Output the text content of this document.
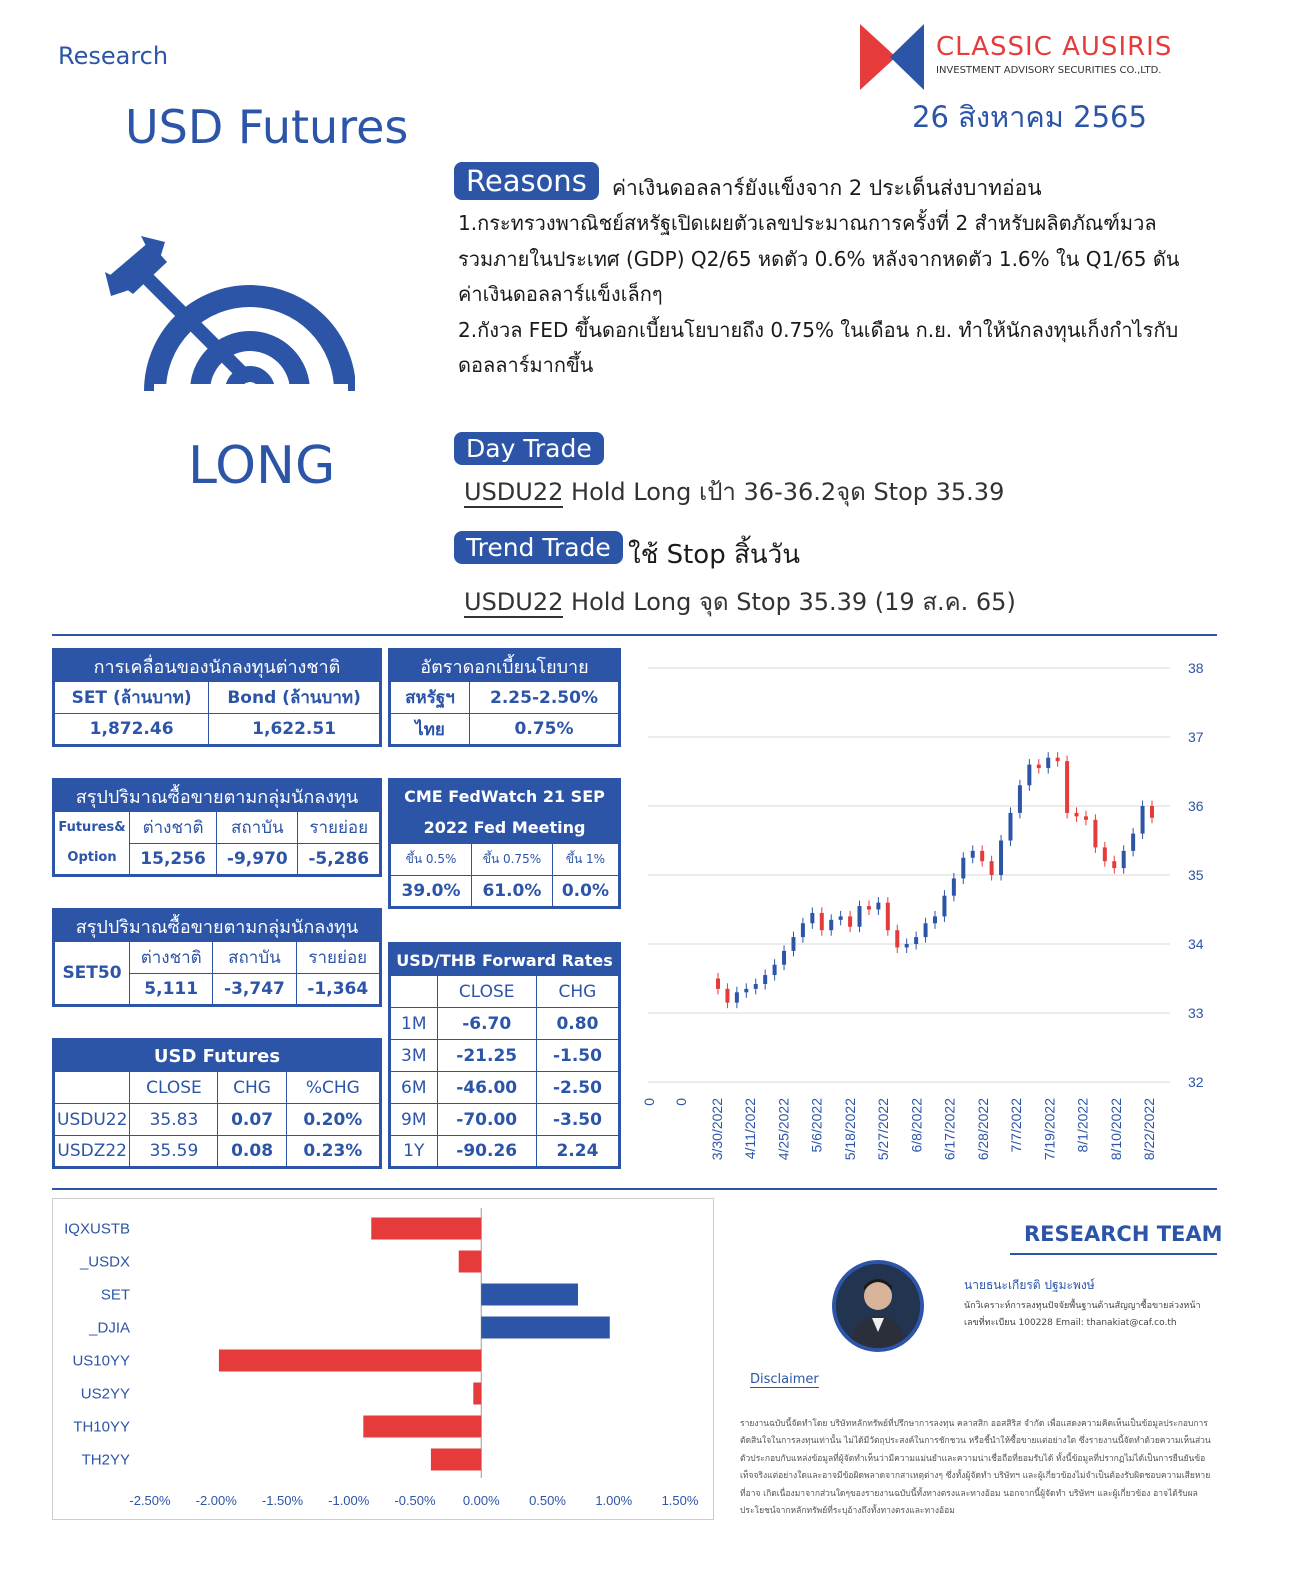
Research
USD Futures
CLASSIC AUSIRIS
INVESTMENT ADVISORY SECURITIES CO.,LTD.
26 สิงหาคม 2565
LONG
Reasons	ค่าเงินดอลลาร์ยังแข็งจาก 2 ประเด็นส่งบาทอ่อน
1.กระทรวงพาณิชย์สหรัฐเปิดเผยตัวเลขประมาณการครั้งที่ 2 สำหรับผลิตภัณฑ์มวล
รวมภายในประเทศ (GDP) Q2/65 หดตัว 0.6% หลังจากหดตัว 1.6% ใน Q1/65 ดัน
ค่าเงินดอลลาร์แข็งเล็กๆ
2.กังวล FED ขึ้นดอกเบี้ยนโยบายถึง 0.75% ในเดือน ก.ย. ทำให้นักลงทุนเก็งกำไรกับ
ดอลลาร์มากขึ้น
Day Trade
USDU22 Hold Long เป้า 36-36.2จุด Stop 35.39
Trend Trade ใช้ Stop สิ้นวัน
USDU22 Hold Long จุด Stop 35.39 (19 ส.ค. 65)
การเคลื่อนของนักลงทุนต่างชาติ	
SET (ล้านบาท)	Bond (ล้านบาท)
1,872.46	1,622.51
อัตราดอกเบี้ยนโยบาย	
สหรัฐฯ	2.25-2.50%
ไทย	0.75%
สรุปปริมาณซื้อขายตามกลุ่มนักลงทุน			

Futures&
Option	ต่างชาติ	สถาบัน	รายย่อย
	15,256	-9,970	-5,286
CME FedWatch 21 SEP		
2022 Fed Meeting		
ขึ้น 0.5%	ขึ้น 0.75%	ขึ้น 1%
39.0%	61.0%	0.0%
สรุปปริมาณซื้อขายตามกลุ่มนักลงทุน			
SET50	ต่างชาติ	สถาบัน	รายย่อย
	5,111	-3,747	-1,364
USD/THB Forward Rates		
	CLOSE	CHG
1M	-6.70	0.80
3M	-21.25	-1.50
6M	-46.00	-2.50
9M	-70.00	-3.50
1Y	-90.26	2.24
USD Futures			
	CLOSE	CHG	%CHG
USDU22	35.83	0.07	0.20%
USDZ22	35.59	0.08	0.23%
32
33
34
35
36
37
38
0 0 3/30/2022 4/11/2022 4/25/2022 5/6/2022 5/18/2022 5/27/2022 6/8/2022 6/17/2022 6/28/2022 7/7/2022 7/19/2022 8/1/2022 8/10/2022 8/22/2022
IQXUSTB
_USDX
SET
_DJIA
US10YY
US2YY
TH10YY
TH2YY
-2.50% -2.00% -1.50% -1.00% -0.50% 0.00% 0.50% 1.00% 1.50%
RESEARCH TEAM
นายธนะเกียรติ ปฐมะพงษ์
นักวิเคราะห์การลงทุนปัจจัยพื้นฐานด้านสัญญาซื้อขายล่วงหน้า เลขที่ทะเบียน 100228 Email: thanakiat@caf.co.th
Disclaimer
รายงานฉบับนี้จัดทำโดย บริษัทหลักทรัพย์ที่ปรึกษาการลงทุน คลาสสิก ออสสิริส จำกัด เพื่อแสดงความคิดเห็นเป็นข้อมูลประกอบการตัดสินใจในการลงทุนเท่านั้น ไม่ได้มีวัตถุประสงค์ในการชักชวน หรือชี้นำให้ซื้อขายแต่อย่างใด ซึ่งรายงานนี้จัดทำด้วยความเห็นส่วนตัวประกอบกับแหล่งข้อมูลที่ผู้จัดทำเห็นว่ามีความแม่นยำและความน่าเชื่อถือที่ยอมรับได้ ทั้งนี้ข้อมูลที่ปรากฏไม่ได้เป็นการยืนยันข้อเท็จจริงแต่อย่างใดและอาจมีข้อผิดพลาดจากสาเหตุต่างๆ ซึ่งทั้งผู้จัดทำ บริษัทฯ และผู้เกี่ยวข้องไม่จำเป็นต้องรับผิดชอบความเสียหายที่อาจ เกิดเนื่องมาจากส่วนใดๆของรายงานฉบับนี้ทั้งทางตรงและทางอ้อม นอกจากนี้ผู้จัดทำ บริษัทฯ และผู้เกี่ยวข้อง อาจได้รับผลประโยชน์จากหลักทรัพย์ที่ระบุอ้างถึงทั้งทางตรงและทางอ้อม
